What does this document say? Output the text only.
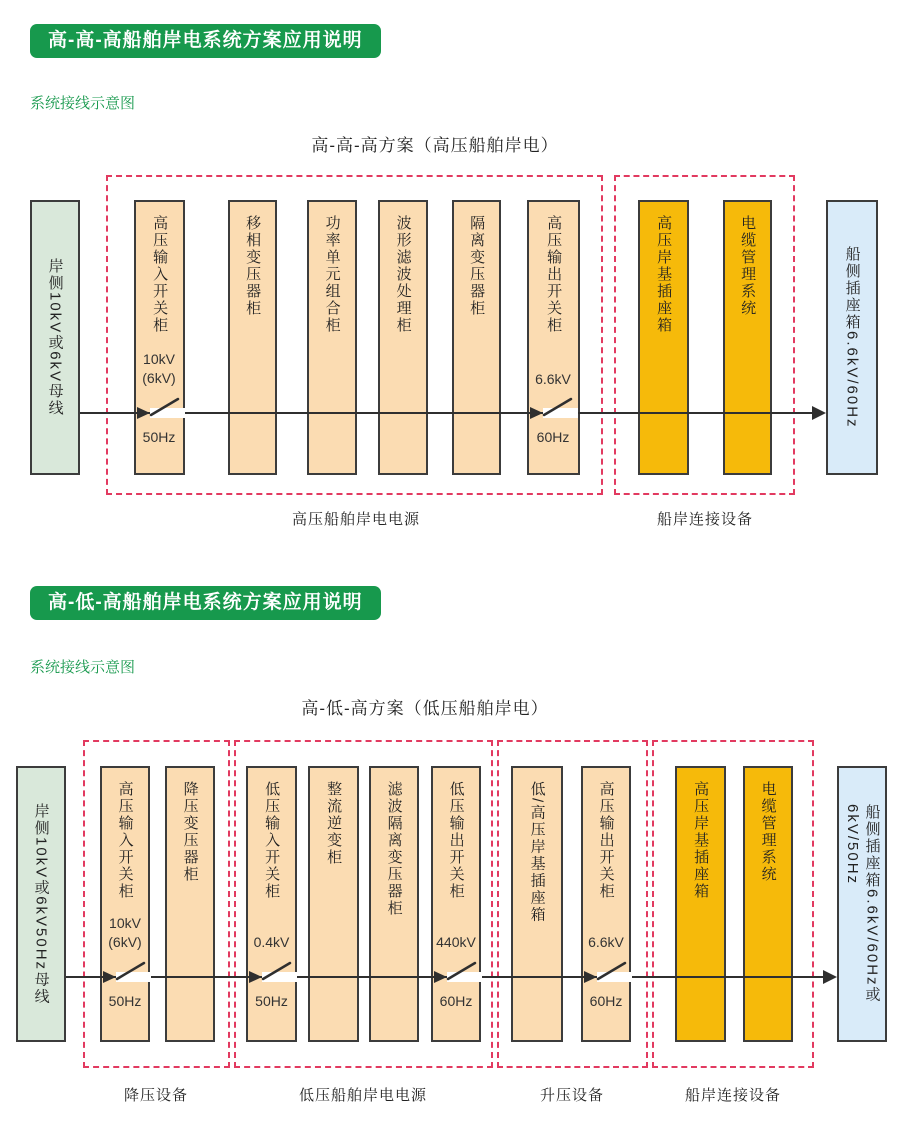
高-高-高船舶岸电系统方案应用说明
系统接线示意图
高-高-高方案（高压船舶岸电）
岸侧10kV或6kV母线	高压输入开关柜	移相变压器柜	功率单元组合柜	波形滤波处理柜	隔离变压器柜	高压输出开关柜	高压岸基插座箱	电缆管理系统	船侧插座箱6.6kV/60Hz
10kV
(6kV)
50Hz
6.6kV
60Hz
高压船舶岸电电源	船岸连接设备
高-低-高船舶岸电系统方案应用说明
系统接线示意图
高-低-高方案（低压船舶岸电）
岸侧10kV或6kV50Hz母线	高压输入开关柜	降压变压器柜	低压输入开关柜	整流逆变柜	滤波隔离变压器柜	低压输出开关柜	低/高压岸基插座箱	高压输出开关柜	高压岸基插座箱	电缆管理系统	船侧插座箱6.6kV/60Hz或
6kV/50Hz
10kV
(6kV)
50Hz
0.4kV
50Hz
440kV
60Hz
6.6kV
60Hz
降压设备	低压船舶岸电电源	升压设备	船岸连接设备
